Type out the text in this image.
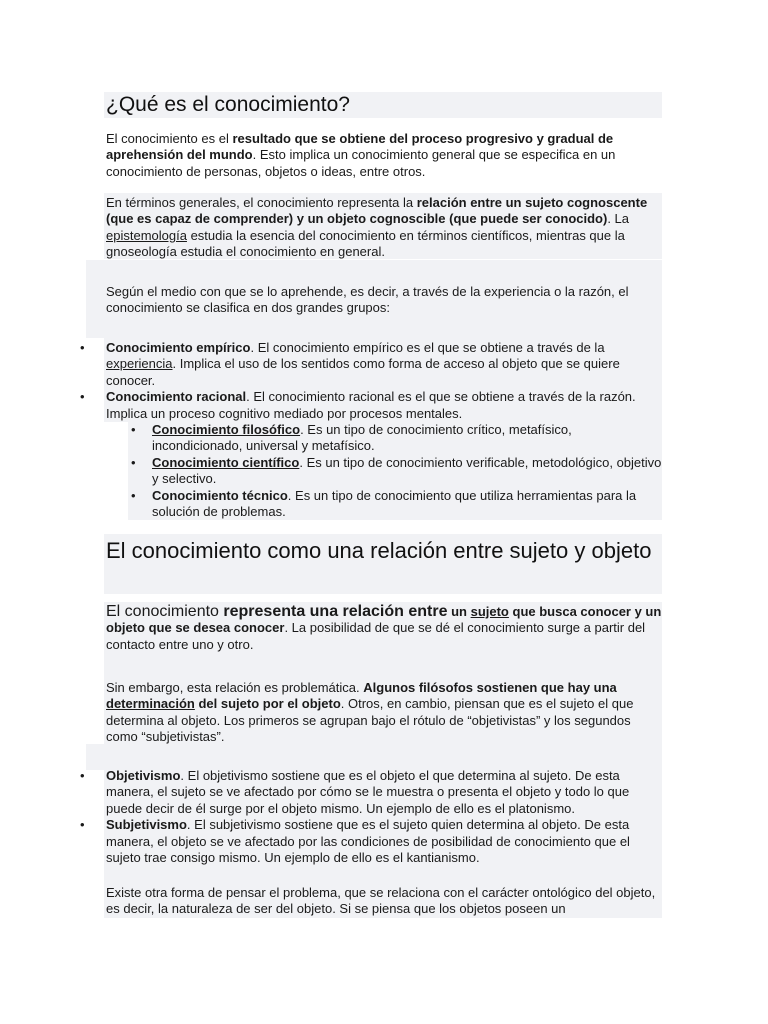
¿Qué es el conocimiento?

El conocimiento es el resultado que se obtiene del proceso progresivo y gradual de aprehensión del mundo. Esto implica un conocimiento general que se especifica en un conocimiento de personas, objetos o ideas, entre otros.

En términos generales, el conocimiento representa la relación entre un sujeto cognoscente (que es capaz de comprender) y un objeto cognoscible (que puede ser conocido). La epistemología estudia la esencia del conocimiento en términos científicos, mientras que la gnoseología estudia el conocimiento en general.

Según el medio con que se lo aprehende, es decir, a través de la experiencia o la razón, el conocimiento se clasifica en dos grandes grupos:

• Conocimiento empírico. El conocimiento empírico es el que se obtiene a través de la experiencia. Implica el uso de los sentidos como forma de acceso al objeto que se quiere conocer.
• Conocimiento racional. El conocimiento racional es el que se obtiene a través de la razón. Implica un proceso cognitivo mediado por procesos mentales.
• Conocimiento filosófico. Es un tipo de conocimiento crítico, metafísico, incondicionado, universal y metafísico.
• Conocimiento científico. Es un tipo de conocimiento verificable, metodológico, objetivo y selectivo.
• Conocimiento técnico. Es un tipo de conocimiento que utiliza herramientas para la solución de problemas.
El conocimiento como una relación entre sujeto y objeto

El conocimiento representa una relación entre un sujeto que busca conocer y un objeto que se desea conocer. La posibilidad de que se dé el conocimiento surge a partir del contacto entre uno y otro.

Sin embargo, esta relación es problemática. Algunos filósofos sostienen que hay una determinación del sujeto por el objeto. Otros, en cambio, piensan que es el sujeto el que determina al objeto. Los primeros se agrupan bajo el rótulo de “objetivistas” y los segundos como “subjetivistas”.

• Objetivismo. El objetivismo sostiene que es el objeto el que determina al sujeto. De esta manera, el sujeto se ve afectado por cómo se le muestra o presenta el objeto y todo lo que puede decir de él surge por el objeto mismo. Un ejemplo de ello es el platonismo.
• Subjetivismo. El subjetivismo sostiene que es el sujeto quien determina al objeto. De esta manera, el objeto se ve afectado por las condiciones de posibilidad de conocimiento que el sujeto trae consigo mismo. Un ejemplo de ello es el kantianismo.

Existe otra forma de pensar el problema, que se relaciona con el carácter ontológico del objeto, es decir, la naturaleza de ser del objeto. Si se piensa que los objetos poseen un
